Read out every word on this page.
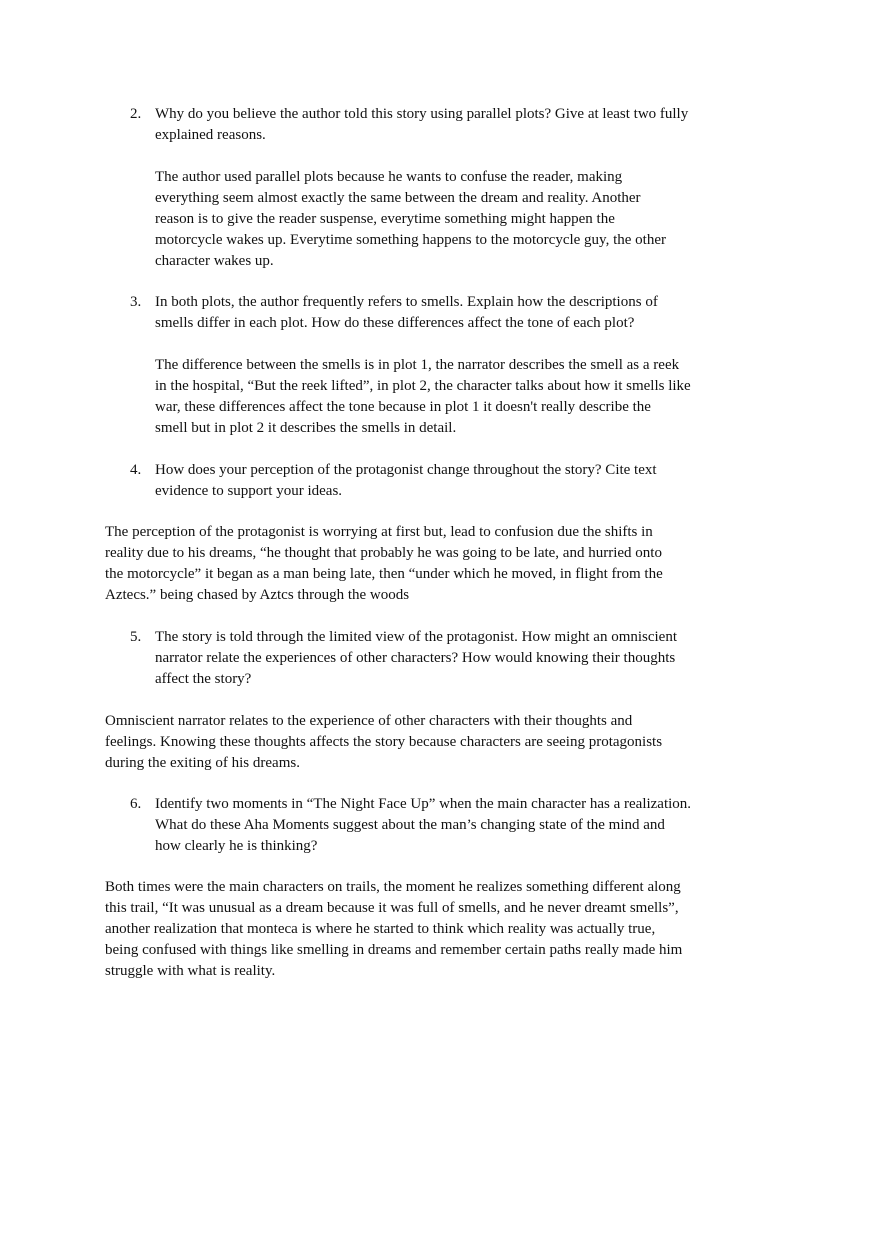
2. Why do you believe the author told this story using parallel plots? Give at least two fully
explained reasons.
The author used parallel plots because he wants to confuse the reader, making
everything seem almost exactly the same between the dream and reality. Another
reason is to give the reader suspense, everytime something might happen the
motorcycle wakes up. Everytime something happens to the motorcycle guy, the other
character wakes up.
3. In both plots, the author frequently refers to smells. Explain how the descriptions of
smells differ in each plot. How do these differences affect the tone of each plot?
The difference between the smells is in plot 1, the narrator describes the smell as a reek
in the hospital, “But the reek lifted”, in plot 2, the character talks about how it smells like
war, these differences affect the tone because in plot 1 it doesn't really describe the
smell but in plot 2 it describes the smells in detail.
4. How does your perception of the protagonist change throughout the story? Cite text
evidence to support your ideas.
The perception of the protagonist is worrying at first but, lead to confusion due the shifts in
reality due to his dreams, “he thought that probably he was going to be late, and hurried onto
the motorcycle” it began as a man being late, then “under which he moved, in flight from the
Aztecs.” being chased by Aztcs through the woods
5. The story is told through the limited view of the protagonist. How might an omniscient
narrator relate the experiences of other characters? How would knowing their thoughts
affect the story?
Omniscient narrator relates to the experience of other characters with their thoughts and
feelings. Knowing these thoughts affects the story because characters are seeing protagonists
during the exiting of his dreams.
6. Identify two moments in “The Night Face Up” when the main character has a realization.
What do these Aha Moments suggest about the man’s changing state of the mind and
how clearly he is thinking?
Both times were the main characters on trails, the moment he realizes something different along
this trail, “It was unusual as a dream because it was full of smells, and he never dreamt smells”,
another realization that monteca is where he started to think which reality was actually true,
being confused with things like smelling in dreams and remember certain paths really made him
struggle with what is reality.
